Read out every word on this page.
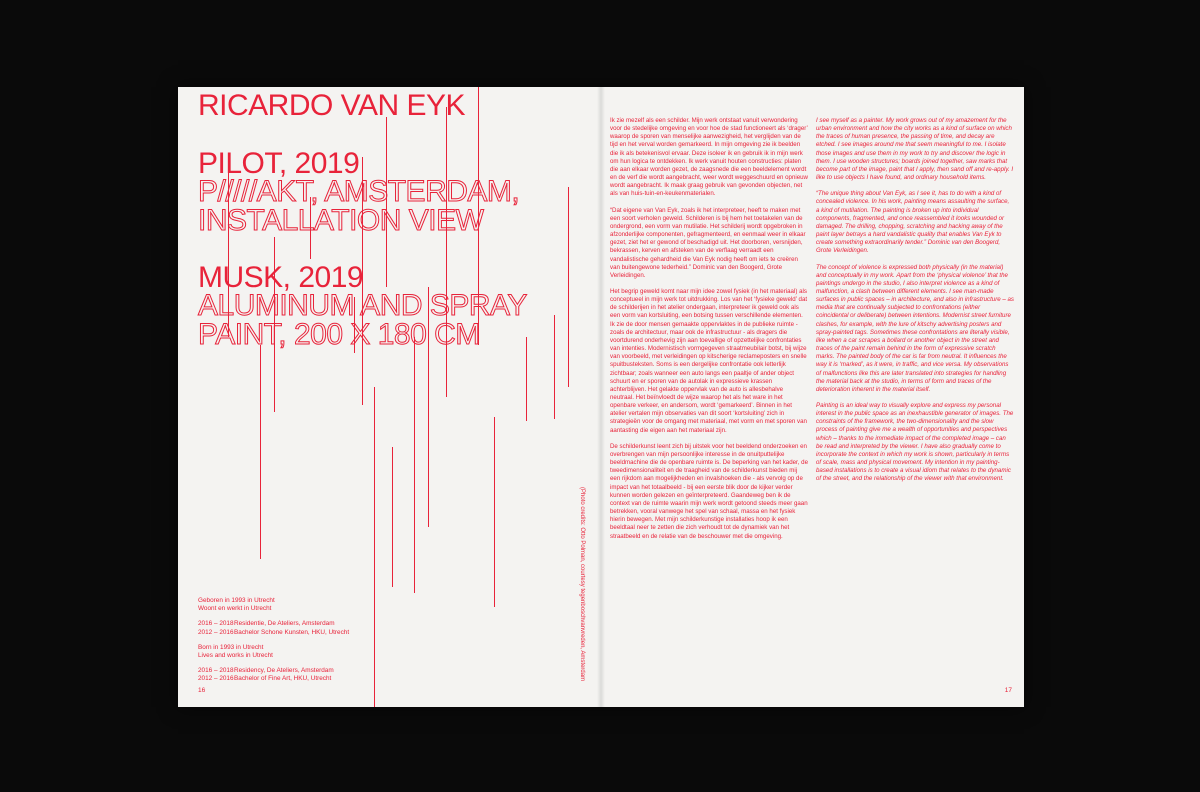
RICARDO VAN EYK
PILOT, 2019
P/////AKT, AMSTERDAM,
INSTALLATION VIEW
MUSK, 2019
ALUMINUM AND SPRAY
PAINT, 200 X 180 CM
Geboren in 1993 in Utrecht
Woont en werkt in Utrecht
2016 – 2018 Residentie, De Ateliers, Amsterdam
2012 – 2016 Bachelor Schone Kunsten, HKU, Utrecht
Born in 1993 in Utrecht
Lives and works in Utrecht
2016 – 2018 Residency, De Ateliers, Amsterdam
2012 – 2016 Bachelor of Fine Art, HKU, Utrecht
16
(Photo credits: Otto Polman, courtesy tegenboschvanvreden, Amsterdam

Ik zie mezelf als een schilder. Mijn werk ontstaat vanuit verwondering voor de stedelijke omgeving en voor hoe de stad functioneert als ‘drager’ waarop de sporen van menselijke aanwezigheid, het verglijden van de tijd en het verval worden gemarkeerd. In mijn omgeving zie ik beelden die ik als betekenisvol ervaar. Deze isoleer ik en gebruik ik in mijn werk om hun logica te ontdekken. Ik werk vanuit houten constructies: platen die aan elkaar worden gezet, de zaagsnede die een beeldelement wordt en de verf die wordt aangebracht, weer wordt weggeschuurd en opnieuw wordt aangebracht. Ik maak graag gebruik van gevonden objecten, net als van huis-tuin-en-keukenmaterialen.

“Dat eigene van Van Eyk, zoals ik het interpreteer, heeft te maken met een soort verholen geweld. Schilderen is bij hem het toetakelen van de ondergrond, een vorm van mutilatie. Het schilderij wordt opgebroken in afzonderlijke componenten, gefragmenteerd, en eenmaal weer in elkaar gezet, ziet het er gewond of beschadigd uit. Het doorboren, versnijden, bekrassen, kerven en afsteken van de verflaag verraadt een vandalistische gehardheid die Van Eyk nodig heeft om iets te creëren van buitengewone tederheid.” Dominic van den Boogerd, Grote Verleidingen.

Het begrip geweld komt naar mijn idee zowel fysiek (in het materiaal) als conceptueel in mijn werk tot uitdrukking. Los van het ‘fysieke geweld’ dat de schilderijen in het atelier ondergaan, interpreteer ik geweld ook als een vorm van kortsluiting, een botsing tussen verschillende elementen. Ik zie de door mensen gemaakte oppervlaktes in de publieke ruimte - zoals de architectuur, maar ook de infrastructuur - als dragers die voortdurend onderhevig zijn aan toevallige of opzettelijke confrontaties van intenties. Modernistisch vormgegeven straatmeubilair botst, bij wijze van voorbeeld, met verleidingen op kitscherige reclameposters en snelle spuitbusteksten. Soms is een dergelijke confrontatie ook letterlijk zichtbaar; zoals wanneer een auto langs een paaltje of ander object schuurt en er sporen van de autolak in expressieve krassen achterblijven. Het gelakte oppervlak van de auto is allesbehalve neutraal. Het beïnvloedt de wijze waarop het als het ware in het openbare verkeer, en andersom, wordt ‘gemarkeerd’. Binnen in het atelier vertalen mijn observaties van dit soort ‘kortsluiting’ zich in strategieën voor de omgang met materiaal, met vorm en met sporen van aantasting die eigen aan het materiaal zijn.

De schilderkunst leent zich bij uitstek voor het beeldend onderzoeken en overbrengen van mijn persoonlijke interesse in de onuitputtelijke beeldmachine die de openbare ruimte is. De beperking van het kader, de tweedimensionaliteit en de traagheid van de schilderkunst bieden mij een rijkdom aan mogelijkheden en invalshoeken die - als vervolg op de impact van het totaalbeeld - bij een eerste blik door de kijker verder kunnen worden gelezen en geïnterpreteerd. Gaandeweg ben ik de context van de ruimte waarin mijn werk wordt getoond steeds meer gaan betrekken, vooral vanwege het spel van schaal, massa en het fysiek hierin bewegen. Met mijn schilderkunstige installaties hoop ik een beeldtaal neer te zetten die zich verhoudt tot de dynamiek van het straatbeeld en de relatie van de beschouwer met die omgeving.

I see myself as a painter. My work grows out of my amazement for the urban environment and how the city works as a kind of surface on which the traces of human presence, the passing of time, and decay are etched. I see images around me that seem meaningful to me. I isolate those images and use them in my work to try and discover the logic in them. I use wooden structures; boards joined together, saw marks that become part of the image, paint that I apply, then sand off and re-apply. I like to use objects I have found, and ordinary household items.

“The unique thing about Van Eyk, as I see it, has to do with a kind of concealed violence. In his work, painting means assaulting the surface, a kind of mutilation. The painting is broken up into individual components, fragmented, and once reassembled it looks wounded or damaged. The drilling, chopping, scratching and hacking away of the paint layer betrays a hard vandalistic quality that enables Van Eyk to create something extraordinarily tender.” Dominic van den Boogerd, Grote Verleidingen.

The concept of violence is expressed both physically (in the material) and conceptually in my work. Apart from the ‘physical violence’ that the paintings undergo in the studio, I also interpret violence as a kind of malfunction, a clash between different elements. I see man-made surfaces in public spaces – in architecture, and also in infrastructure – as media that are continually subjected to confrontations (either coincidental or deliberate) between intentions. Modernist street furniture clashes, for example, with the lure of kitschy advertising posters and spray-painted tags. Sometimes these confrontations are literally visible, like when a car scrapes a bollard or another object in the street and traces of the paint remain behind in the form of expressive scratch marks. The painted body of the car is far from neutral. It influences the way it is ‘marked’, as it were, in traffic, and vice versa. My observations of malfunctions like this are later translated into strategies for handling the material back at the studio, in terms of form and traces of the deterioration inherent in the material itself.

Painting is an ideal way to visually explore and express my personal interest in the public space as an inexhaustible generator of images. The constraints of the framework, the two-dimensionality and the slow process of painting give me a wealth of opportunities and perspectives which – thanks to the immediate impact of the completed image – can be read and interpreted by the viewer. I have also gradually come to incorporate the context in which my work is shown, particularly in terms of scale, mass and physical movement. My intention in my painting-based installations is to create a visual idiom that relates to the dynamic of the street, and the relationship of the viewer with that environment.

17
